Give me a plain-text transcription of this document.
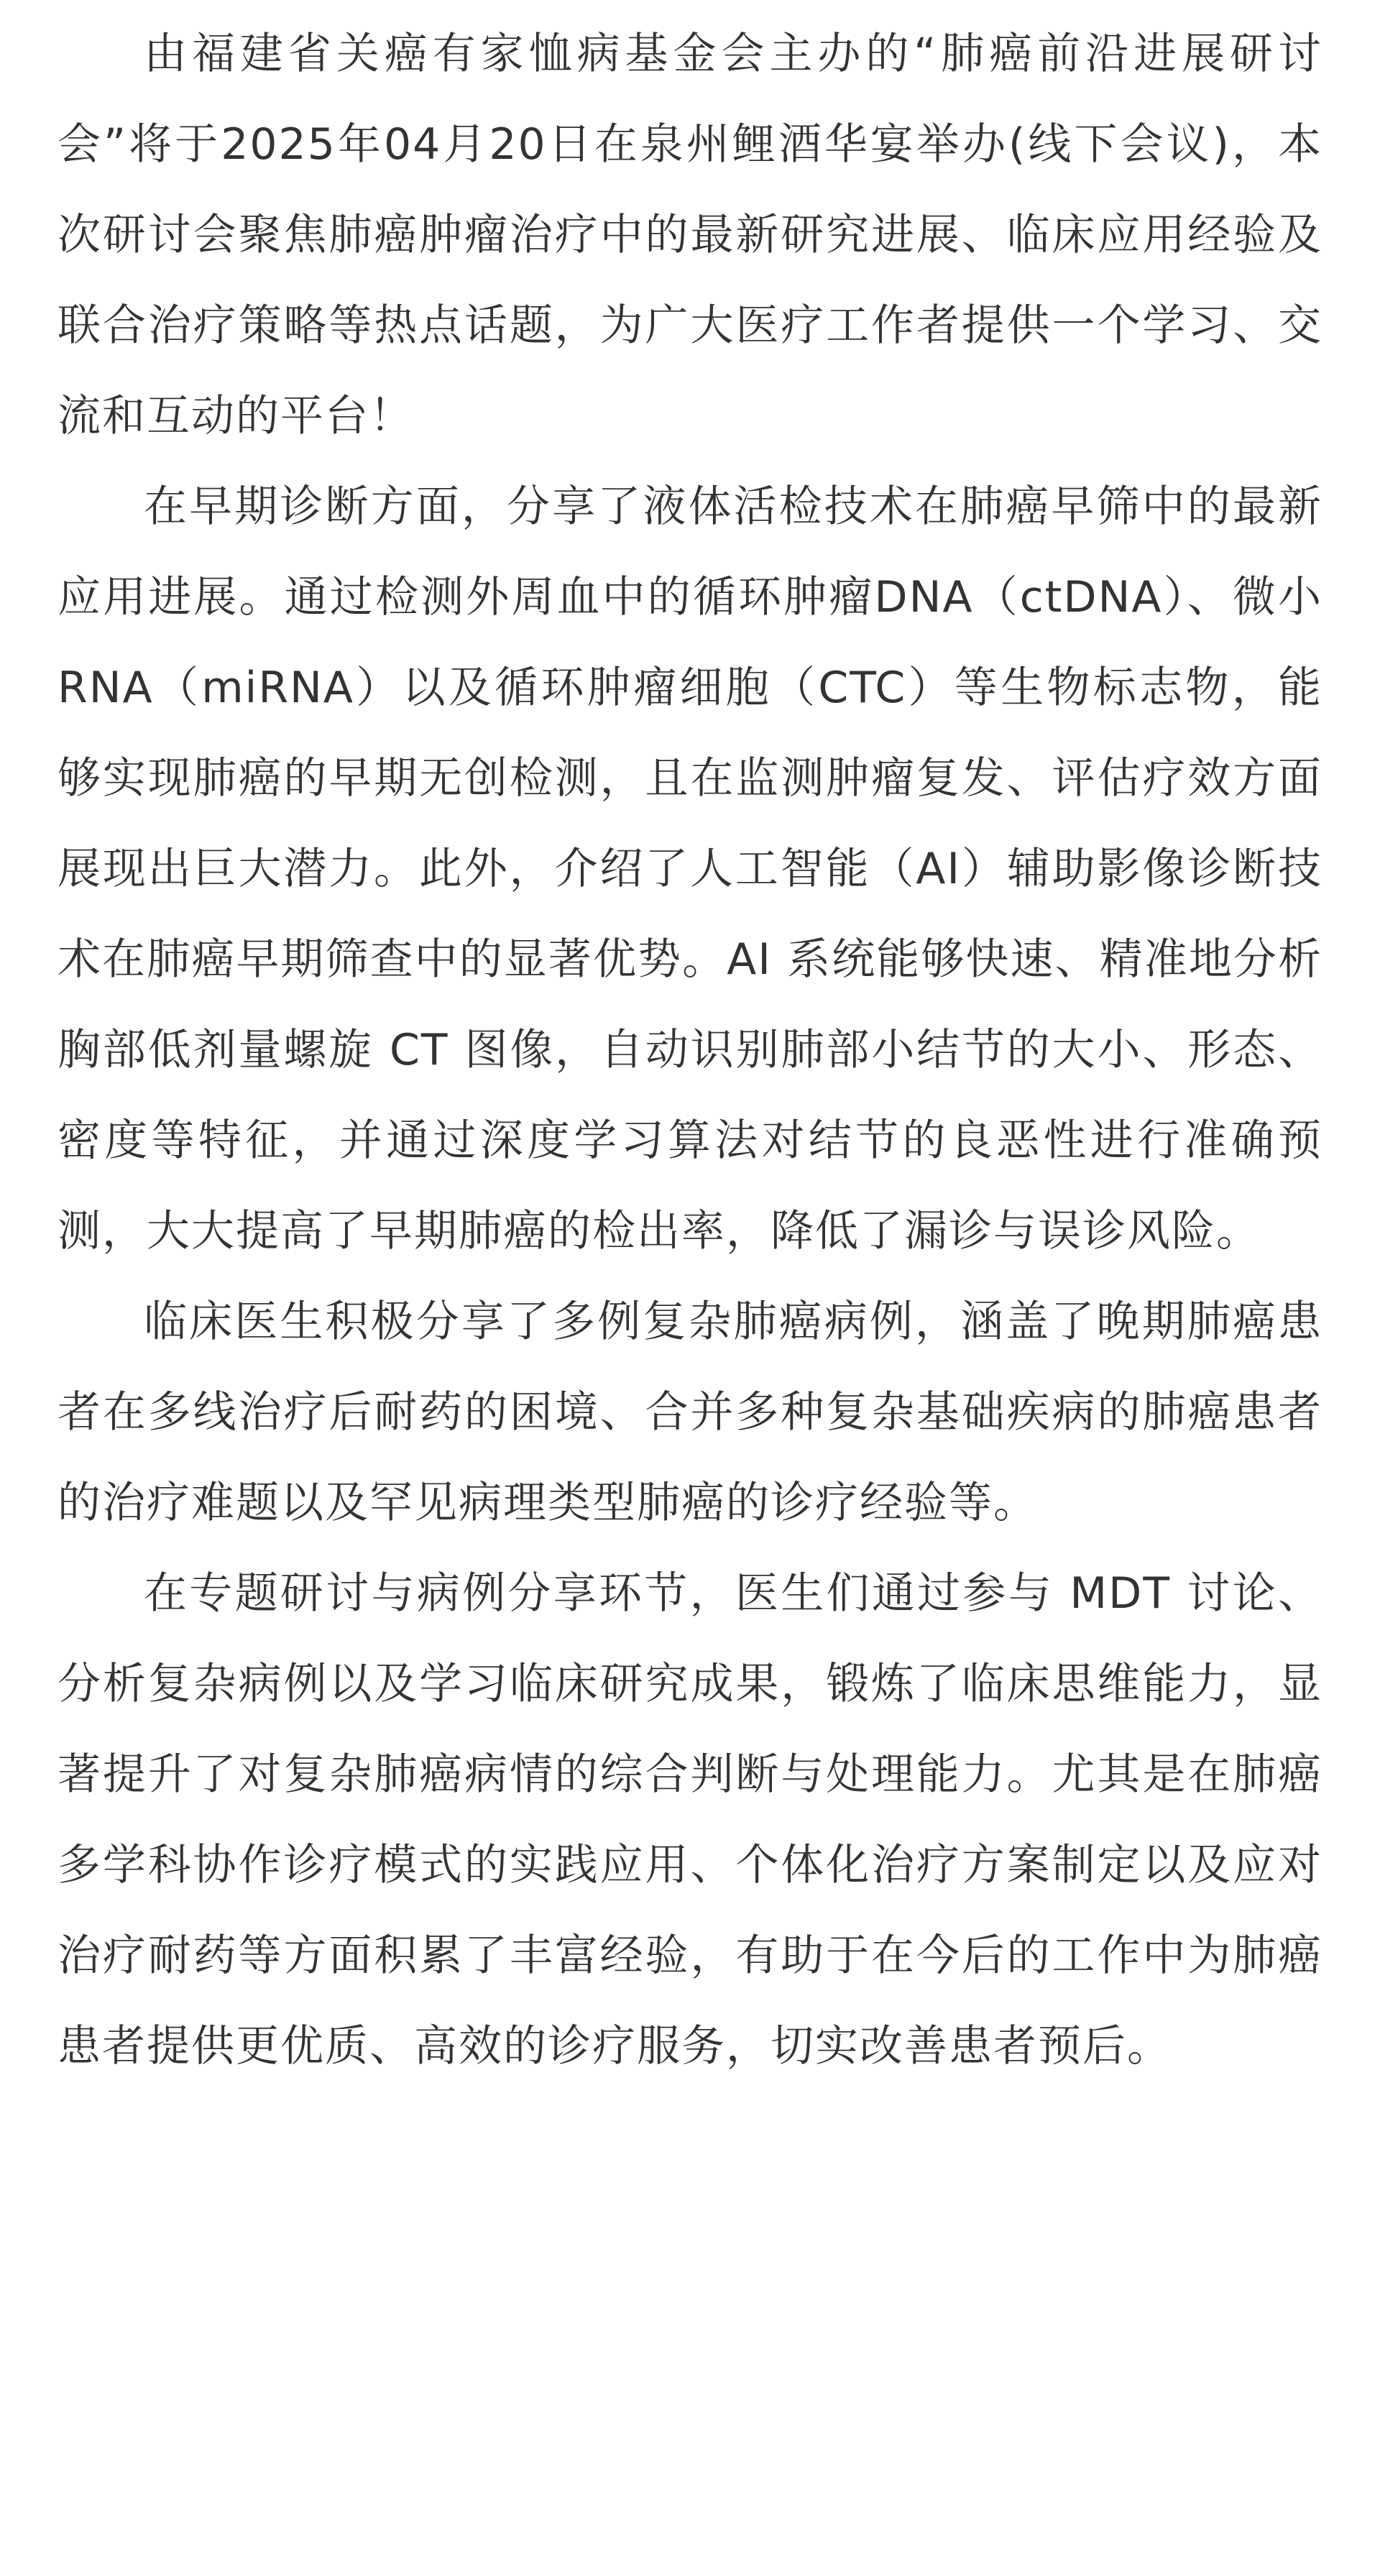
由福建省关癌有家恤病基金会主办的“肺癌前沿进展研讨会”将于2025年04月20日在泉州鲤酒华宴举办(线下会议)，本次研讨会聚焦肺癌肿瘤治疗中的最新研究进展、临床应用经验及联合治疗策略等热点话题，为广大医疗工作者提供一个学习、交流和互动的平台！

在早期诊断方面，分享了液体活检技术在肺癌早筛中的最新应用进展。通过检测外周血中的循环肿瘤DNA（ctDNA）、微小 RNA（miRNA）以及循环肿瘤细胞（CTC）等生物标志物，能够实现肺癌的早期无创检测，且在监测肿瘤复发、评估疗效方面展现出巨大潜力。此外，介绍了人工智能（AI）辅助影像诊断技术在肺癌早期筛查中的显著优势。AI 系统能够快速、精准地分析胸部低剂量螺旋 CT 图像，自动识别肺部小结节的大小、形态、密度等特征，并通过深度学习算法对结节的良恶性进行准确预测，大大提高了早期肺癌的检出率，降低了漏诊与误诊风险。

临床医生积极分享了多例复杂肺癌病例，涵盖了晚期肺癌患者在多线治疗后耐药的困境、合并多种复杂基础疾病的肺癌患者的治疗难题以及罕见病理类型肺癌的诊疗经验等。

在专题研讨与病例分享环节，医生们通过参与 MDT 讨论、分析复杂病例以及学习临床研究成果，锻炼了临床思维能力，显著提升了对复杂肺癌病情的综合判断与处理能力。尤其是在肺癌多学科协作诊疗模式的实践应用、个体化治疗方案制定以及应对治疗耐药等方面积累了丰富经验，有助于在今后的工作中为肺癌患者提供更优质、高效的诊疗服务，切实改善患者预后。
